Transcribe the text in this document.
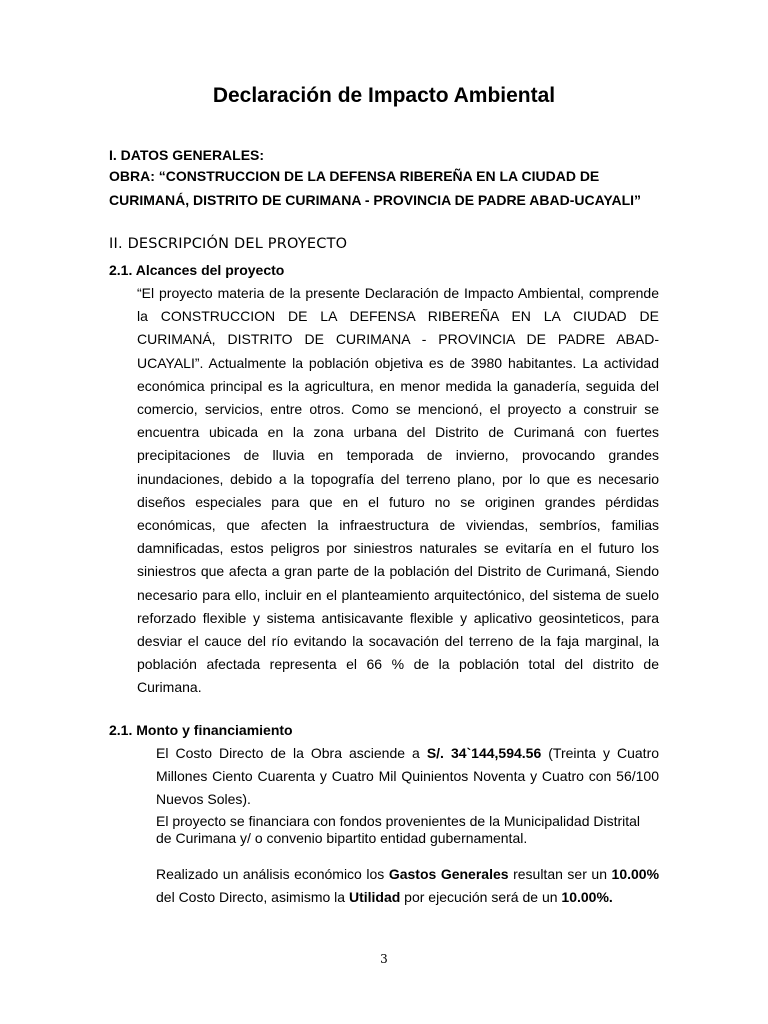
Declaración de Impacto Ambiental
I. DATOS GENERALES:
OBRA: “CONSTRUCCION DE LA DEFENSA RIBEREÑA EN LA CIUDAD DE
CURIMANÁ, DISTRITO DE CURIMANA - PROVINCIA DE PADRE ABAD-UCAYALI”
II. DESCRIPCIÓN DEL PROYECTO
2.1. Alcances del proyecto
“El proyecto materia de la presente Declaración de Impacto Ambiental, comprende la CONSTRUCCION DE LA DEFENSA RIBEREÑA EN LA CIUDAD DE CURIMANÁ, DISTRITO DE CURIMANA - PROVINCIA DE PADRE ABAD-UCAYALI”. Actualmente la población objetiva es de 3980 habitantes. La actividad económica principal es la agricultura, en menor medida la ganadería, seguida del comercio, servicios, entre otros. Como se mencionó, el proyecto a construir se encuentra ubicada en la zona urbana del Distrito de Curimaná con fuertes precipitaciones de lluvia en temporada de invierno, provocando grandes inundaciones, debido a la topografía del terreno plano, por lo que es necesario diseños especiales para que en el futuro no se originen grandes pérdidas económicas, que afecten la infraestructura de viviendas, sembríos, familias damnificadas, estos peligros por siniestros naturales se evitaría en el futuro los siniestros que afecta a gran parte de la población del Distrito de Curimaná, Siendo necesario para ello, incluir en el planteamiento arquitectónico, del sistema de suelo reforzado flexible y sistema antisicavante flexible y aplicativo geosinteticos, para desviar el cauce del río evitando la socavación del terreno de la faja marginal, la población afectada representa el 66 % de la población total del distrito de Curimana.
2.1. Monto y financiamiento
El Costo Directo de la Obra asciende a S/. 34`144,594.56 (Treinta y Cuatro Millones Ciento Cuarenta y Cuatro Mil Quinientos Noventa y Cuatro con 56/100 Nuevos Soles).
El proyecto se financiara con fondos provenientes de la Municipalidad Distrital
de Curimana y/ o convenio bipartito entidad gubernamental.
Realizado un análisis económico los Gastos Generales resultan ser un 10.00% del Costo Directo, asimismo la Utilidad por ejecución será de un 10.00%.
3
